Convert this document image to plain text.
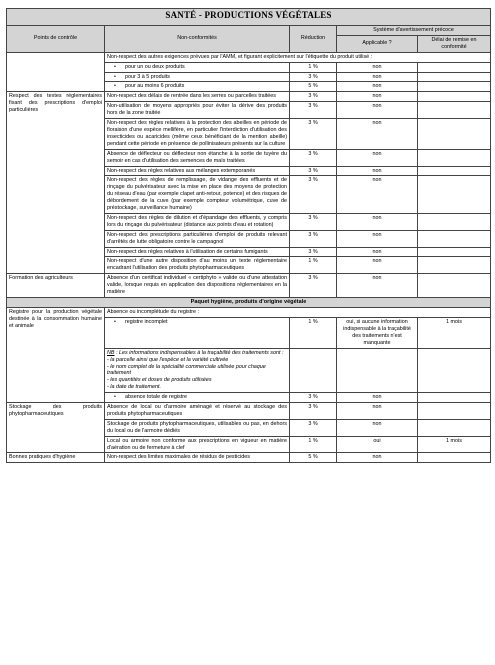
SANTÉ - PRODUCTIONS VÉGÉTALES				
Points de contrôle	Non-conformités	Réduction	Système d'avertissement précoce	
			Applicable ?	Délai de remise en conformité
	Non-respect des autres exigences prévues par l'AMM, et figurant explicitement sur l'étiquette du produit utilisé :			

	• pour un ou deux produits	1 %	non	

	• pour 3 à 5 produits	3 %	non	

	• pour au moins 6 produits	5 %	non	
Respect des textes réglementaires fixant des prescriptions d'emploi particulières	Non-respect des délais de rentrée dans les serres ou parcelles traitées	3 %	non	
	Non-utilisation de moyens appropriés pour éviter la dérive des produits hors de la zone traitée	3 %	non	
	Non-respect des règles relatives à la protection des abeilles en période de floraison d'une espèce mellifère, en particulier l'interdiction d'utilisation des insecticides ou acaricides (même ceux bénéficiant de la mention abeille) pendant cette période en présence de pollinisateurs présents sur la culture	3 %	non	
	Absence de déflecteur ou déflecteur non étanche à la sortie de tuyère du semoir en cas d'utilisation des semences de maïs traitées	3 %	non	
	Non-respect des règles relatives aux mélanges extemporanés	3 %	non	
	Non-respect des règles de remplissage, de vidange des effluents et de rinçage du pulvérisateur avec la mise en place des moyens de protection du réseau d'eau (par exemple clapet anti-retour, potence) et des risques de débordement de la cuve (par exemple compteur volumétrique, cuve de préstockage, surveillance humaine)	3 %	non	
	Non-respect des règles de dilution et d'épandage des effluents, y compris lors du rinçage du pulvérisateur (distance aux points d'eau et rotation)	3 %	non	
	Non-respect des prescriptions particulières d'emploi de produits relevant d'arrêtés de lutte obligatoire contre le campagnol	3 %	non	
	Non-respect des règles relatives à l'utilisation de certains fumigants	3 %	non	
	Non-respect d'une autre disposition d'au moins un texte réglementaire encadrant l'utilisation des produits phytopharmaceutiques	1 %	non	
Formation des agriculteurs	Absence d'un certificat individuel « certiphyto » valide ou d'une attestation valide, lorsque requis en application des dispositions réglementaires en la matière	3 %	non	
Paquet hygiène, produits d'origine végétale				
Registre pour la production végétale destinée à la consommation humaine et animale	Absence ou incomplétude du registre :			

	• registre incomplet	1 %	oui, si aucune information indispensable à la traçabilité des traitements n'est manquante	1 mois
	NB : Les informations indispensables à la traçabilité des traitements sont :
- la parcelle ainsi que l'espèce et la variété cultivée
- le nom complet de la spécialité commerciale utilisée pour chaque traitement
- les quantités et doses de produits utilisées
- la date de traitement.			

	• absence totale de registre	3 %	non	
Stockage des produits phytopharmaceutiques	Absence de local ou d'armoire aménagé et réservé au stockage des produits phytopharmaceutiques	3 %	non	
	Stockage de produits phytopharmaceutiques, utilisables ou pas, en dehors du local ou de l'armoire dédiés	3 %	non	
	Local ou armoire non conforme aux prescriptions en vigueur en matière d'aération ou de fermeture à clef	1 %	oui	1 mois
Bonnes pratiques d'hygiène	Non-respect des limites maximales de résidus de pesticides	5 %	non	
